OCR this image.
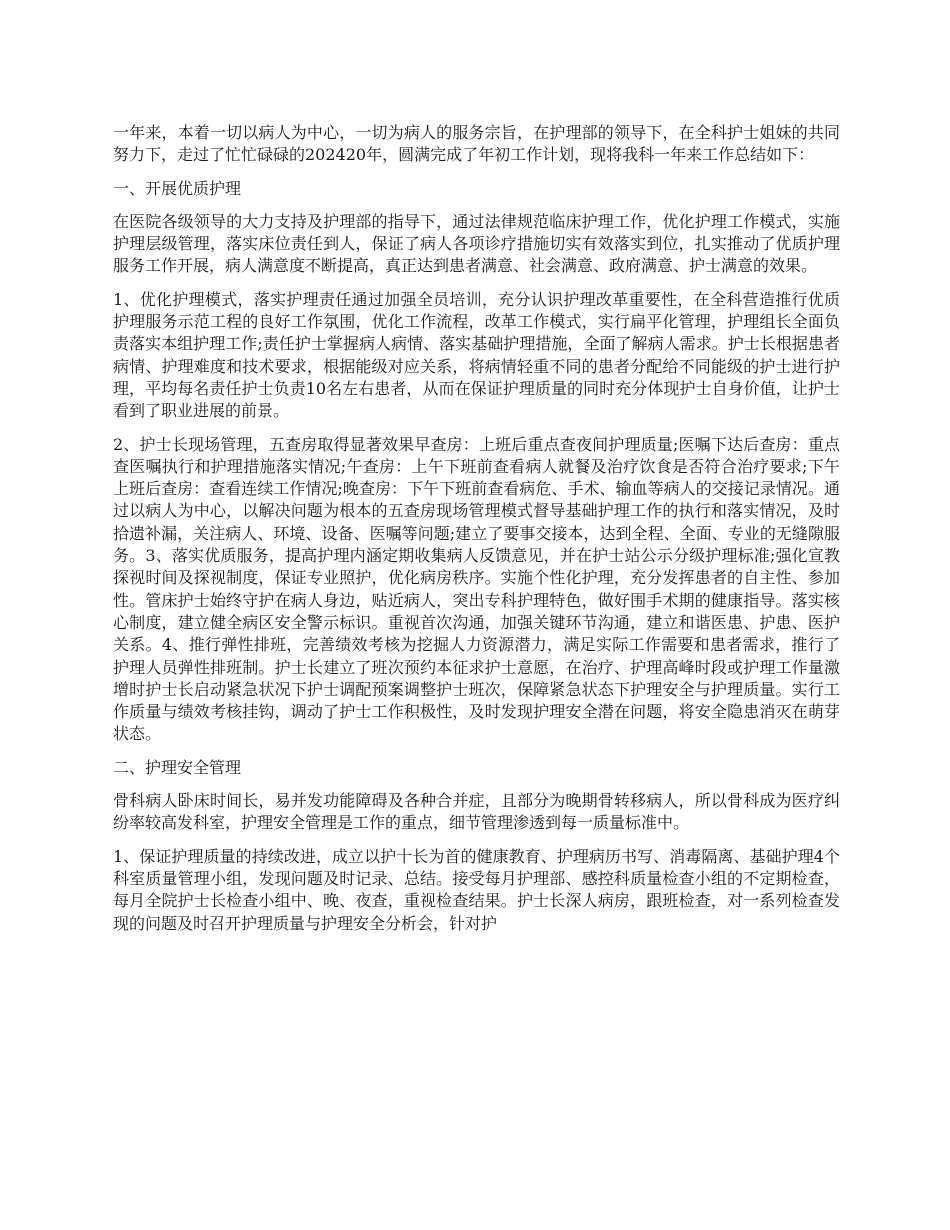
一年来，本着一切以病人为中心，一切为病人的服务宗旨，在护理部的领导下，在全科护士姐妹的共同努力下，走过了忙忙碌碌的202420年，圆满完成了年初工作计划，现将我科一年来工作总结如下：

一、开展优质护理

在医院各级领导的大力支持及护理部的指导下，通过法律规范临床护理工作，优化护理工作模式，实施护理层级管理，落实床位责任到人，保证了病人各项诊疗措施切实有效落实到位，扎实推动了优质护理服务工作开展，病人满意度不断提高，真正达到患者满意、社会满意、政府满意、护士满意的效果。

1、优化护理模式，落实护理责任通过加强全员培训，充分认识护理改革重要性，在全科营造推行优质护理服务示范工程的良好工作氛围，优化工作流程，改革工作模式，实行扁平化管理，护理组长全面负责落实本组护理工作;责任护士掌握病人病情、落实基础护理措施，全面了解病人需求。护士长根据患者病情、护理难度和技术要求，根据能级对应关系，将病情轻重不同的患者分配给不同能级的护士进行护理，平均每名责任护士负责10名左右患者，从而在保证护理质量的同时充分体现护士自身价值，让护士看到了职业进展的前景。

2、护士长现场管理，五查房取得显著效果早查房：上班后重点查夜间护理质量;医嘱下达后查房：重点查医嘱执行和护理措施落实情况;午查房：上午下班前查看病人就餐及治疗饮食是否符合治疗要求;下午上班后查房：查看连续工作情况;晚查房：下午下班前查看病危、手术、输血等病人的交接记录情况。通过以病人为中心，以解决问题为根本的五查房现场管理模式督导基础护理工作的执行和落实情况，及时拾遗补漏，关注病人、环境、设备、医嘱等问题;建立了要事交接本，达到全程、全面、专业的无缝隙服务。3、落实优质服务，提高护理内涵定期收集病人反馈意见，并在护士站公示分级护理标准;强化宣教探视时间及探视制度，保证专业照护，优化病房秩序。实施个性化护理，充分发挥患者的自主性、参加性。管床护士始终守护在病人身边，贴近病人，突出专科护理特色，做好围手术期的健康指导。落实核心制度，建立健全病区安全警示标识。重视首次沟通，加强关键环节沟通，建立和谐医患、护患、医护关系。4、推行弹性排班，完善绩效考核为挖掘人力资源潜力，满足实际工作需要和患者需求，推行了护理人员弹性排班制。护士长建立了班次预约本征求护士意愿，在治疗、护理高峰时段或护理工作量激增时护士长启动紧急状况下护士调配预案调整护士班次，保障紧急状态下护理安全与护理质量。实行工作质量与绩效考核挂钩，调动了护士工作积极性，及时发现护理安全潜在问题，将安全隐患消灭在萌芽状态。

二、护理安全管理

骨科病人卧床时间长，易并发功能障碍及各种合并症，且部分为晚期骨转移病人，所以骨科成为医疗纠纷率较高发科室，护理安全管理是工作的重点，细节管理渗透到每一质量标准中。

1、保证护理质量的持续改进，成立以护十长为首的健康教育、护理病历书写、消毒隔离、基础护理4个科室质量管理小组，发现问题及时记录、总结。接受每月护理部、感控科质量检查小组的不定期检查，每月全院护士长检查小组中、晚、夜查，重视检查结果。护士长深人病房，跟班检查，对一系列检查发现的问题及时召开护理质量与护理安全分析会，针对护
